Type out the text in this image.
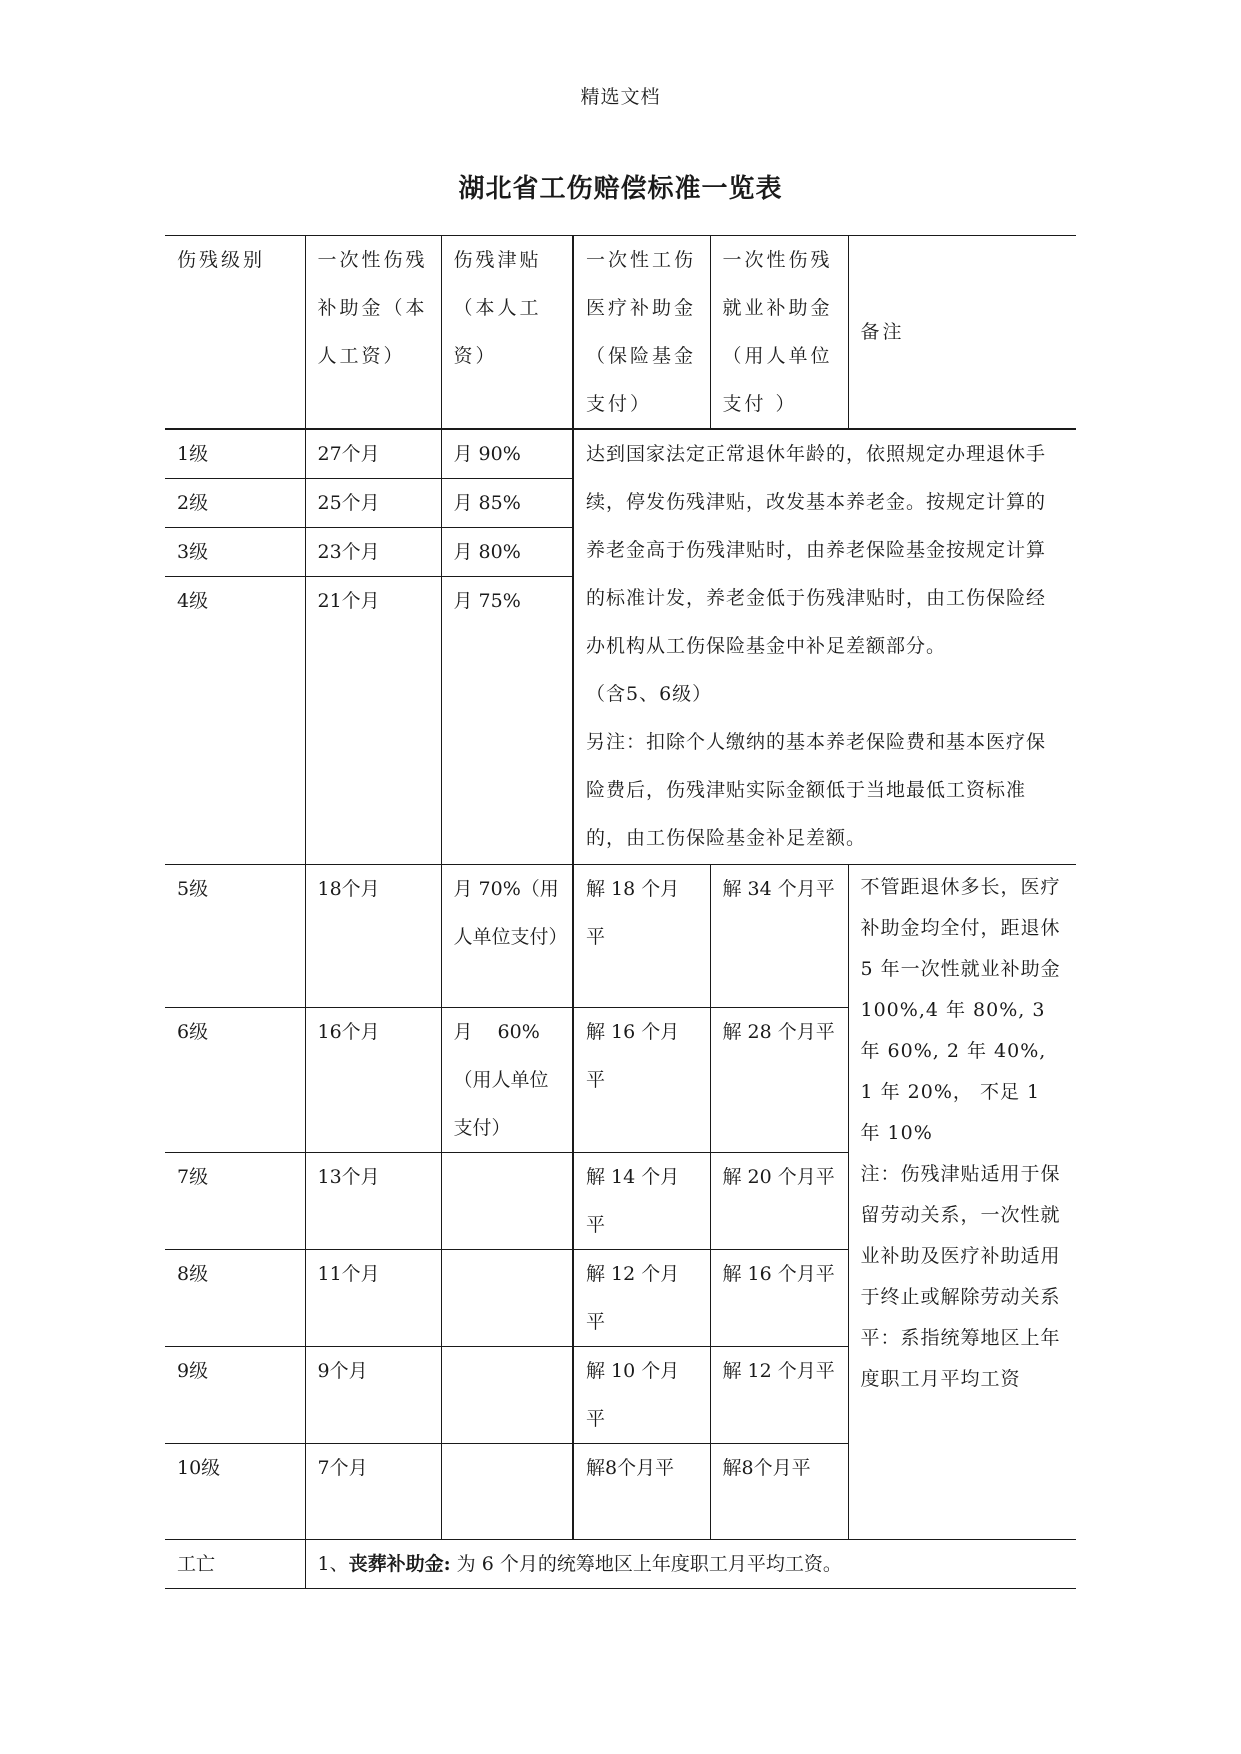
精选文档
湖北省工伤赔偿标准一览表
伤残级别	一次性伤残补助金（本人工资）	伤残津贴（本人工资）	一次性工伤医疗补助金（保险基金支付）	一次性伤残就业补助金（用人单位支付 ）	备注
1级	27个月	月 90%	达到国家法定正常退休年龄的，依照规定办理退休手续，停发伤残津贴，改发基本养老金。按规定计算的养老金高于伤残津贴时，由养老保险基金按规定计算的标准计发，养老金低于伤残津贴时，由工伤保险经办机构从工伤保险基金中补足差额部分。
（含5、6级）
另注：扣除个人缴纳的基本养老保险费和基本医疗保险费后，伤残津贴实际金额低于当地最低工资标准的，由工伤保险基金补足差额。		

2级	25个月	月 85%			
3级	23个月	月 80%			
4级	21个月	月 75%			
5级	18个月	月 70%（用人单位支付）	解 18 个月平	解 34 个月平	不管距退休多长，医疗补助金均全付，距退休 5 年一次性就业补助金 100%,4 年 80%, 3 年 60%, 2 年 40%, 1 年 20%， 不足 1 年 10%
注：伤残津贴适用于保留劳动关系，一次性就业补助及医疗补助适用于终止或解除劳动关系
平：系指统筹地区上年度职工月平均工资

6级	16个月	月　 60%（用人单位支付）	解 16 个月平	解 28 个月平	
7级	13个月		解 14 个月平	解 20 个月平	
8级	11个月		解 12 个月平	解 16 个月平	
9级	9个月		解 10 个月平	解 12 个月平	
10级	7个月		解8个月平	解8个月平	
工亡	1、丧葬补助金: 为 6 个月的统筹地区上年度职工月平均工资。				
